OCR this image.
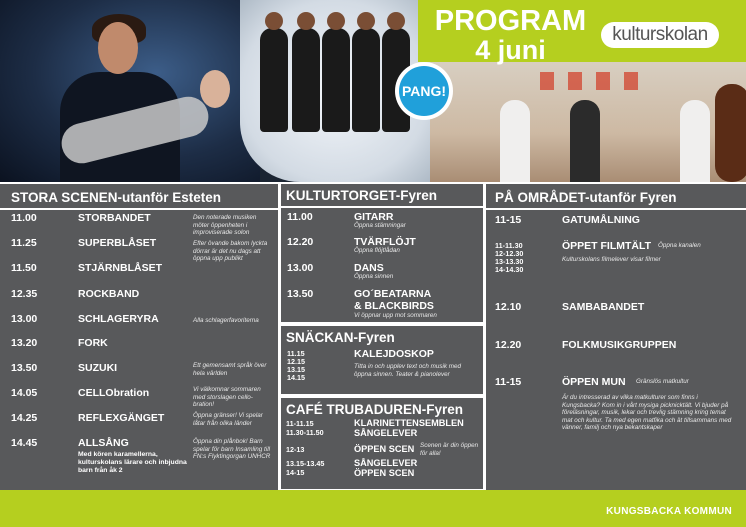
PROGRAM
4 juni
kulturskolan
PANG!
STORA SCENEN-utanför Esteten
11.00	STORBANDET	Den noterade musiken möter öppenheten i improviserade solon
11.25	SUPERBLÅSET	Efter övande bakom lyckta dörrar är det nu dags att öppna upp publikt
11.50	STJÄRNBLÅSET
12.35	ROCKBAND
13.00	SCHLAGERYRA	Alla schlagerfavoriterna
13.20	FORK
13.50	SUZUKI	Ett gemensamt språk över hela världen
14.05	CELLObration	Vi välkomnar sommaren med storslagen cello-bration!
14.25	REFLEXGÄNGET	Öppna gränser! Vi spelar låtar från olika länder
14.45	ALLSÅNG
Med kören karamellerna, kulturskolans lärare och inbjudna barn från åk 2
Öppna din plånbok! Barn spelar för barn Insamling till FN:s Flyktingorgan UNHCR
KULTURTORGET-Fyren
11.00	GITARR
Öppna stämningar
12.20	TVÄRFLÖJT
Öppna flöjtlådan
13.00	DANS
Öppna sinnen
13.50	GO´BEATARNA
& BLACKBIRDS
Vi öppnar upp mot sommaren
SNÄCKAN-Fyren
11.15
12.15
13.15
14.15
KALEJDOSKOP
Titta in och upplev text och musik med öppna sinnen. Teater & pianolever
CAFÉ TRUBADUREN-Fyren
11-11.15
11.30-11.50
KLARINETTENSEMBLEN
SÅNGELEVER
12-13	ÖPPEN SCEN Scenen är din öppen för alla!
13.15-13.45
14-15
SÅNGELEVER
ÖPPEN SCEN
PÅ OMRÅDET-utanför Fyren
11-15	GATUMÅLNING
11-11.30
12-12.30
13-13.30
14-14.30
ÖPPET FILMTÄLT Öppna kanalen
Kulturskolans filmelever visar filmer
12.10	SAMBABANDET
12.20	FOLKMUSIKGRUPPEN
11-15	ÖPPEN MUN Gränslös matkultur
Är du intresserad av vilka matkulturer som finns i Kungsbacka? Kom in i vårt mysiga picknicktält. Vi bjuder på föreläsningar, musik, lekar och trevlig stämning kring temat mat och kultur. Ta med egen matfika och ät tillsammans med vänner, familj och nya bekantskaper
KUNGSBACKA KOMMUN
